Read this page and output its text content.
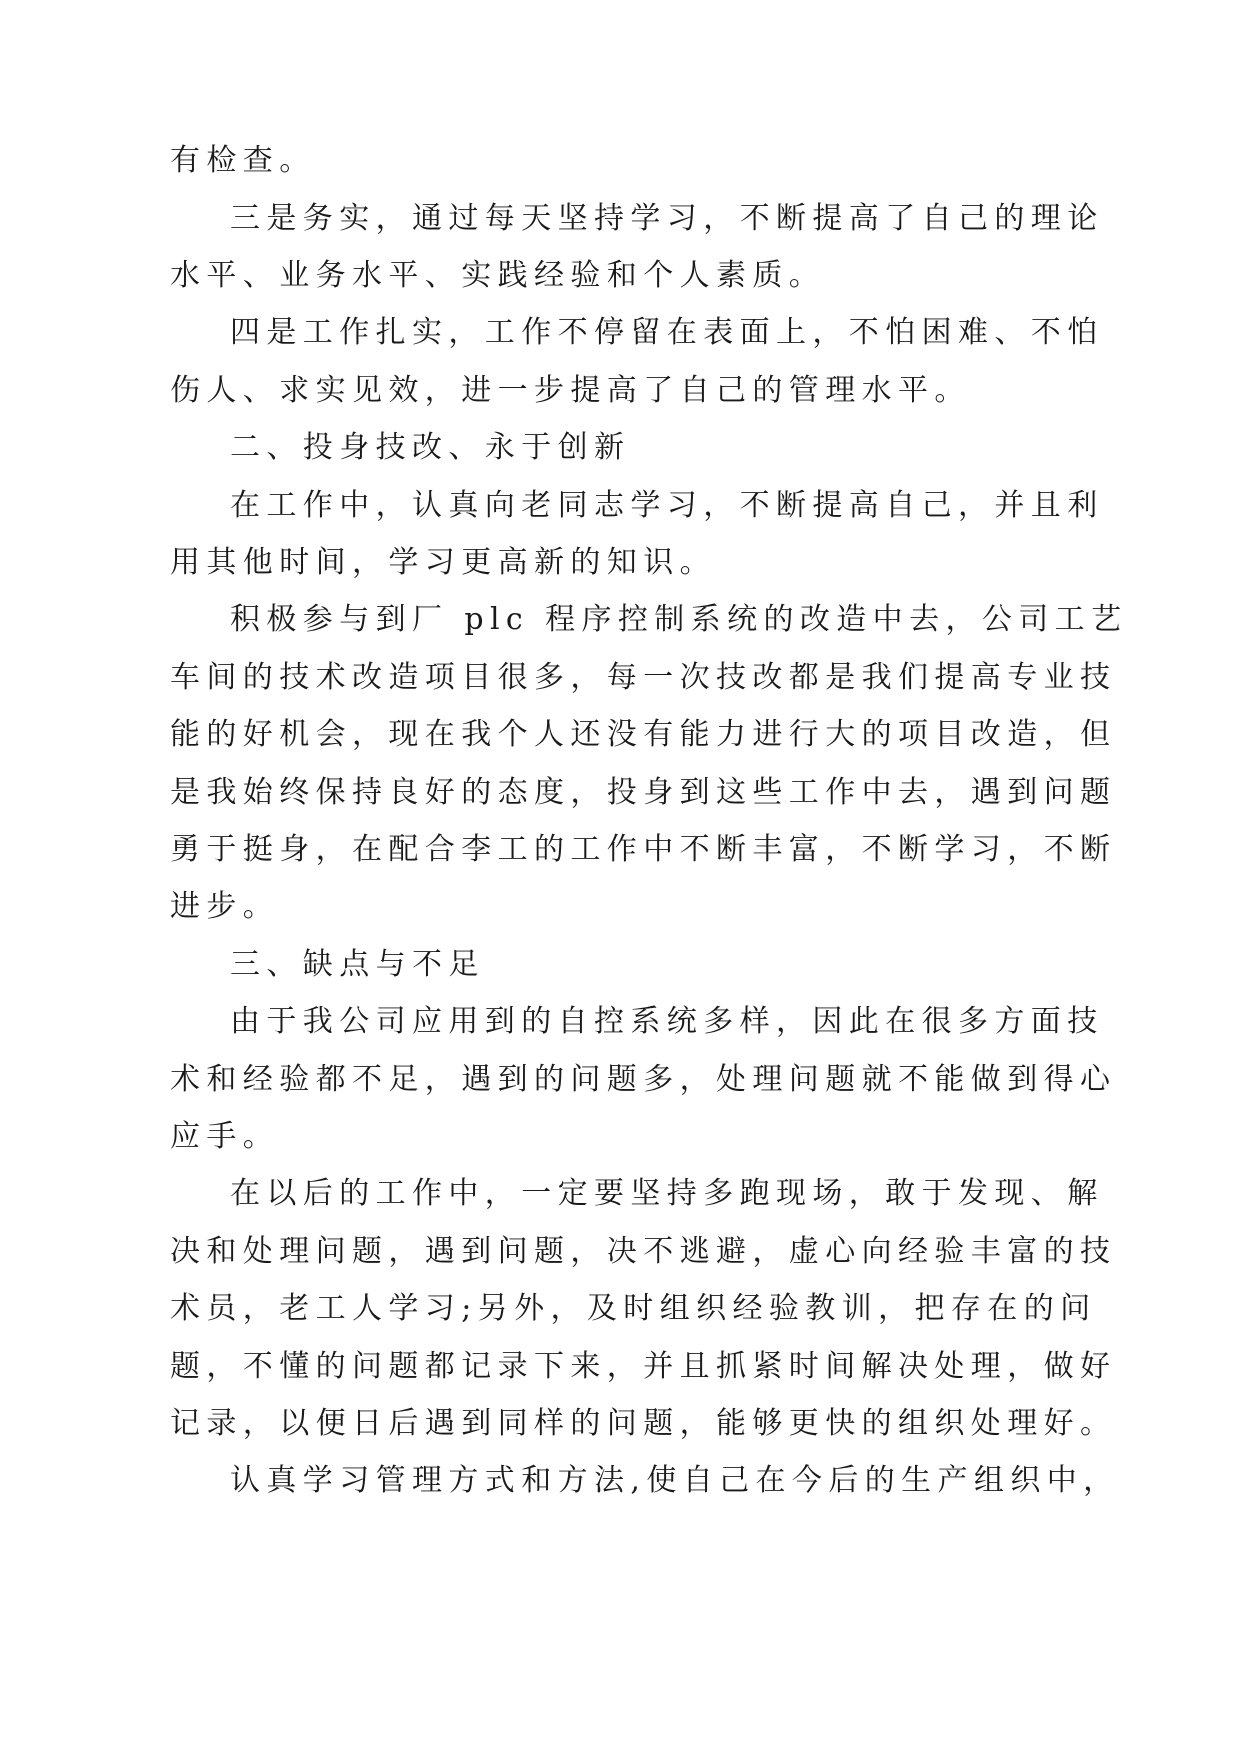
有检查。
三是务实，通过每天坚持学习，不断提高了自己的理论
水平、业务水平、实践经验和个人素质。
四是工作扎实，工作不停留在表面上，不怕困难、不怕
伤人、求实见效，进一步提高了自己的管理水平。
二、投身技改、永于创新
在工作中，认真向老同志学习，不断提高自己，并且利
用其他时间，学习更高新的知识。
积极参与到厂 plc 程序控制系统的改造中去，公司工艺
车间的技术改造项目很多，每一次技改都是我们提高专业技
能的好机会，现在我个人还没有能力进行大的项目改造，但
是我始终保持良好的态度，投身到这些工作中去，遇到问题
勇于挺身，在配合李工的工作中不断丰富，不断学习，不断
进步。
三、缺点与不足
由于我公司应用到的自控系统多样，因此在很多方面技
术和经验都不足，遇到的问题多，处理问题就不能做到得心
应手。
在以后的工作中，一定要坚持多跑现场，敢于发现、解
决和处理问题，遇到问题，决不逃避，虚心向经验丰富的技
术员，老工人学习;另外，及时组织经验教训，把存在的问
题，不懂的问题都记录下来，并且抓紧时间解决处理，做好
记录，以便日后遇到同样的问题，能够更快的组织处理好。
认真学习管理方式和方法,使自己在今后的生产组织中，
